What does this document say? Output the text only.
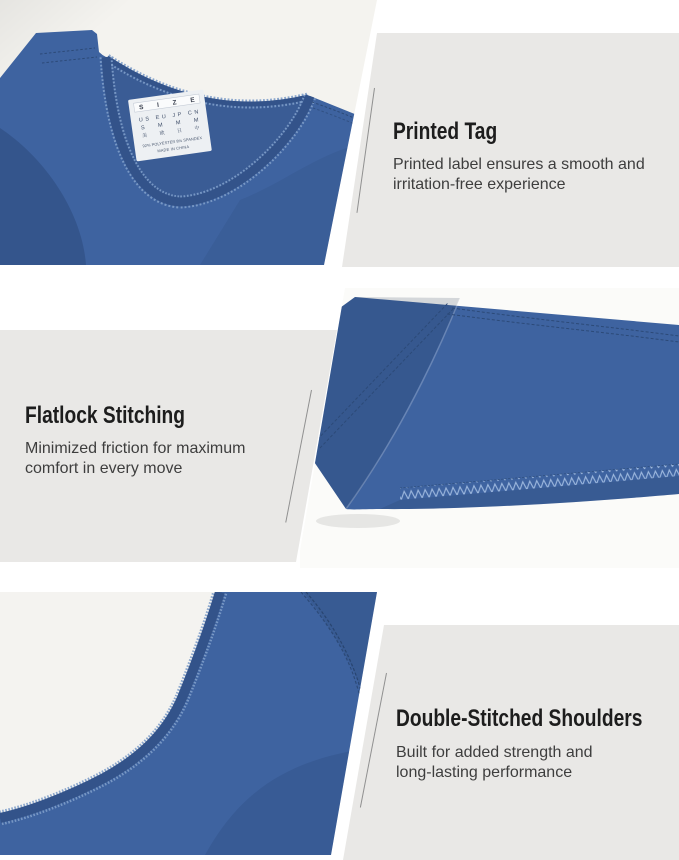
S I Z E
US EU JP CN
S M M M
美 欧 日 中
92% POLYESTER 8% SPANDEX
MADE IN CHINA
Printed Tag
Printed label ensures a smooth and
irritation-free experience
Flatlock Stitching
Minimized friction for maximum
comfort in every move
Double-Stitched Shoulders
Built for added strength and
long-lasting performance
